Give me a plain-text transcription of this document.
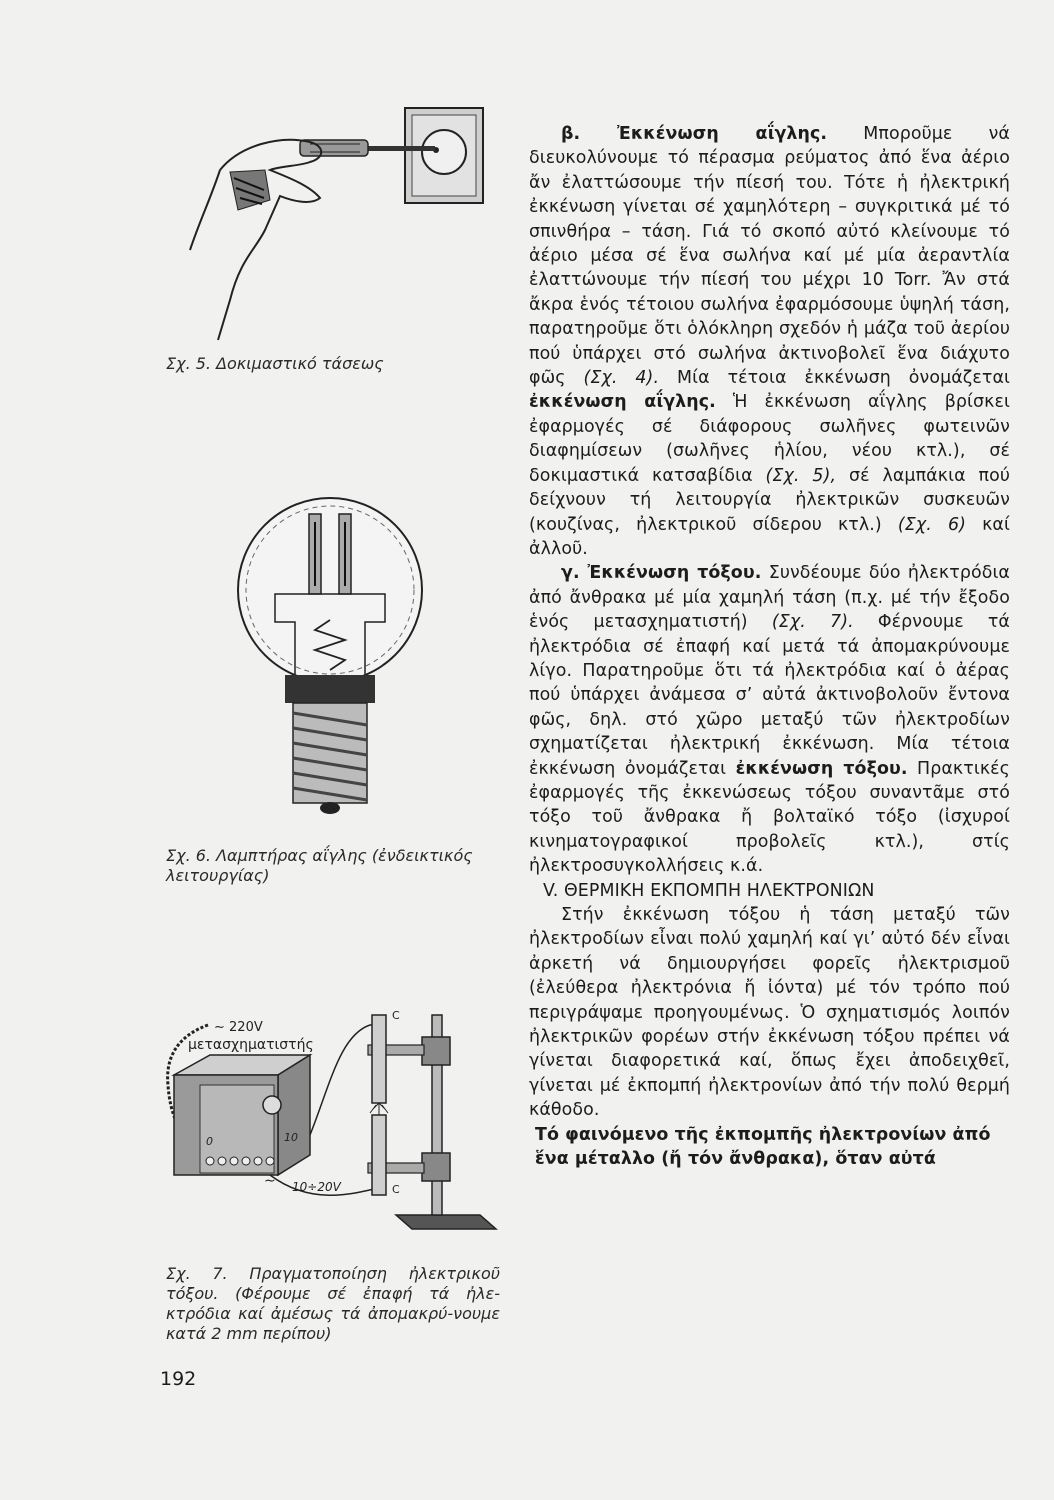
Σχ. 5. Δοκιμαστικό τάσεως
Σχ. 6. Λαμπτήρας αΐγλης (ἐνδεικτικός λειτουργίας)
∼ 220V
μετασχηματιστής
0	10
∼ 10÷20V
C
C
Σχ. 7. Πραγματοποίηση ἠλεκτρικοῦ τόξου. (Φέρουμε σέ ἐπαφή τά ἠλε-κτρόδια καί ἀμέσως τά ἀπομακρύ-νουμε κατά 2 mm περίπου)
192

β. Ἐκκένωση αΐγλης. Μποροῦμε νά διευκολύνουμε τό πέρασμα ρεύματος ἀπό ἕνα ἀέριο ἄν ἐλαττώσουμε τήν πίεσή του. Τότε ἡ ἠλεκτρική ἐκκένωση γίνεται σέ χαμηλότερη – συγκριτικά μέ τό σπινθήρα – τάση. Γιά τό σκοπό αὐτό κλείνουμε τό ἀέριο μέσα σέ ἕνα σωλήνα καί μέ μία ἀεραντλία ἐλαττώνουμε τήν πίεσή του μέχρι 10 Torr. Ἄν στά ἄκρα ἑνός τέτοιου σωλήνα ἐφαρμόσουμε ὑψηλή τάση, παρατηροῦμε ὅτι ὁλόκληρη σχεδόν ἡ μάζα τοῦ ἀερίου πού ὑπάρχει στό σωλήνα ἀκτινοβολεῖ ἕνα διάχυτο φῶς (Σχ. 4). Μία τέτοια ἐκκένωση ὀνομάζεται ἐκκένωση αΐγλης. Ἡ ἐκκένωση αΐγλης βρίσκει ἐφαρμογές σέ διάφορους σωλῆνες φωτεινῶν διαφημίσεων (σωλῆνες ἡλίου, νέου κτλ.), σέ δοκιμαστικά κατσαβίδια (Σχ. 5), σέ λαμπάκια πού δείχνουν τή λειτουργία ἠλεκτρικῶν συσκευῶν (κουζίνας, ἠλεκτρικοῦ σίδερου κτλ.) (Σχ. 6) καί ἀλλοῦ.

γ. Ἐκκένωση τόξου. Συνδέουμε δύο ἠλεκτρόδια ἀπό ἄνθρακα μέ μία χαμηλή τάση (π.χ. μέ τήν ἔξοδο ἑνός μετασχηματιστή) (Σχ. 7). Φέρνουμε τά ἠλεκτρόδια σέ ἐπαφή καί μετά τά ἀπομακρύνουμε λίγο. Παρατηροῦμε ὅτι τά ἠλεκτρόδια καί ὁ ἀέρας πού ὑπάρχει ἀνάμεσα σ’ αὐτά ἀκτινοβολοῦν ἔντονα φῶς, δηλ. στό χῶρο μεταξύ τῶν ἠλεκτροδίων σχηματίζεται ἠλεκτρική ἐκκένωση. Μία τέτοια ἐκκένωση ὀνομάζεται ἐκκένωση τόξου. Πρακτικές ἐφαρμογές τῆς ἐκκενώσεως τόξου συναντᾶμε στό τόξο τοῦ ἄνθρακα ἤ βολταϊκό τόξο (ἰσχυροί κινηματογραφικοί προβολεῖς κτλ.), στίς ἠλεκτροσυγκολλήσεις κ.ά.

V. ΘΕΡΜΙΚΗ ΕΚΠΟΜΠΗ ΗΛΕΚΤΡΟΝΙΩΝ

Στήν ἐκκένωση τόξου ἡ τάση μεταξύ τῶν ἠλεκτροδίων εἶναι πολύ χαμηλή καί γι’ αὐτό δέν εἶναι ἀρκετή νά δημιουργήσει φορεῖς ἠλεκτρισμοῦ (ἐλεύθερα ἠλεκτρόνια ἤ ἰόντα) μέ τόν τρόπο πού περιγράψαμε προηγουμένως. Ὁ σχηματισμός λοιπόν ἠλεκτρικῶν φορέων στήν ἐκκένωση τόξου πρέπει νά γίνεται διαφορετικά καί, ὅπως ἔχει ἀποδειχθεῖ, γίνεται μέ ἐκπομπή ἠλεκτρονίων ἀπό τήν πολύ θερμή κάθοδο.

Τό φαινόμενο τῆς ἐκπομπῆς ἠλεκτρονίων ἀπό ἕνα μέταλλο (ἤ τόν ἄνθρακα), ὅταν αὐτά
